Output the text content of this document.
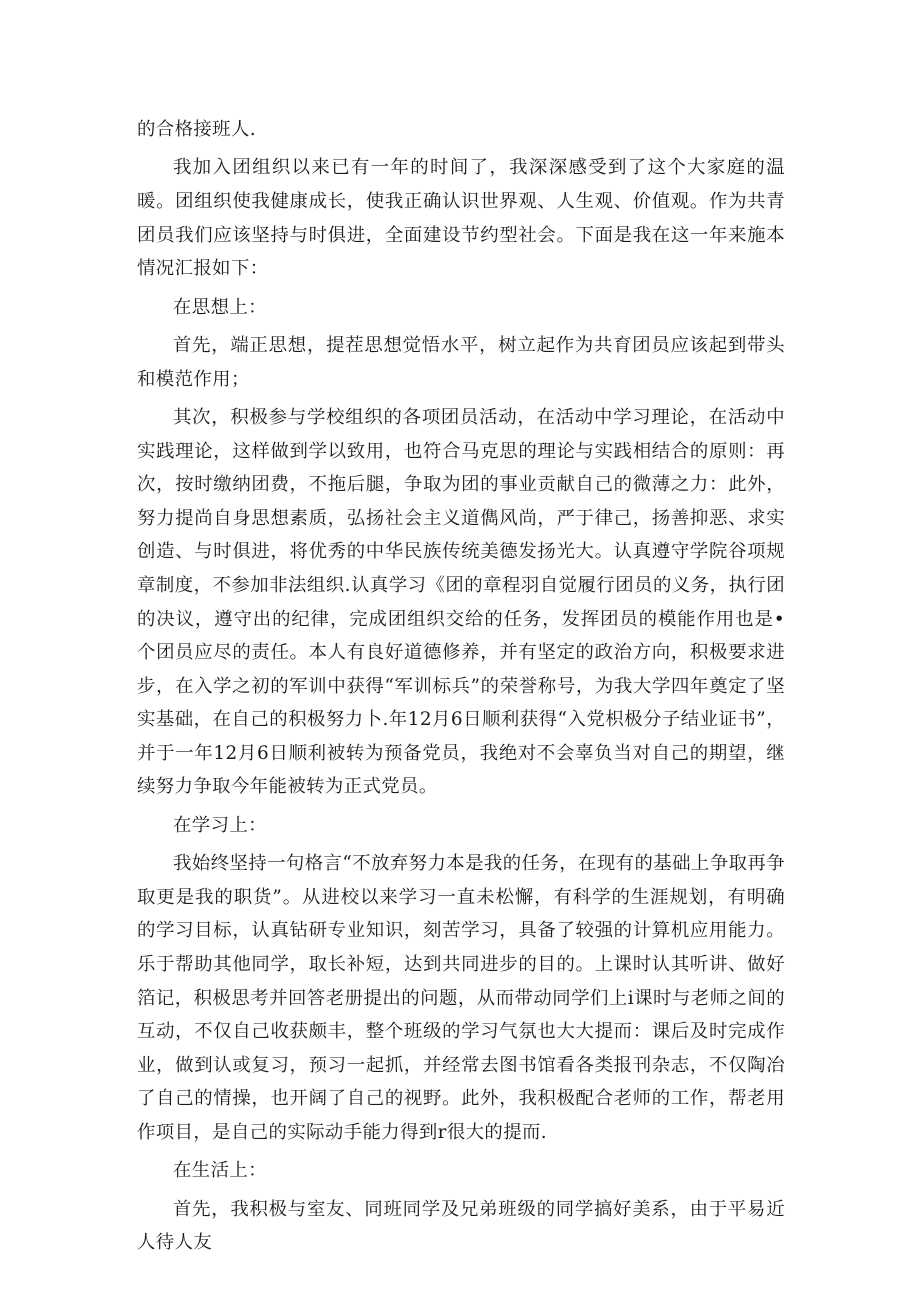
的合格接班人.

我加入团组织以来已有一年的时间了，我深深感受到了这个大家庭的温暖。团组织使我健康成长，使我正确认识世界观、人生观、价值观。作为共青团员我们应该坚持与时俱进，全面建设节约型社会。下面是我在这一年来施本情况汇报如下：

在思想上：

首先，端正思想，提茬思想觉悟水平，树立起作为共育团员应该起到带头和模范作用；

其次，积极参与学校组织的各项团员活动，在活动中学习理论，在活动中实践理论，这样做到学以致用，也符合马克思的理论与实践相结合的原则：再次，按时缴纳团费，不拖后腿，争取为团的事业贡献自己的微薄之力：此外，努力提尚自身思想素质，弘扬社会主义道儁风尚，严于律己，扬善抑恶、求实创造、与时俱进，将优秀的中华民族传统美德发扬光大。认真遵守学院谷项规章制度，不参加非法组织.认真学习《团的章程羽自觉履行团员的义务，执行团的决议，遵守出的纪律，完成团组织交给的任务，发挥团员的模能作用也是•个团员应尽的责任。本人有良好道德修养，并有坚定的政治方向，积极要求进步，在入学之初的军训中获得“军训标兵”的荣誉称号，为我大学四年奠定了坚实基础，在自己的积极努力卜.年12月6日顺利获得“入党枳极分子结业证书”，并于一年12月6日顺利被转为预备党员，我绝对不会辜负当对自己的期望，继续努力争取今年能被转为正式党员。

在学习上：

我始终坚持一句格言“不放弃努力本是我的任务，在现有的基础上争取再争取更是我的职货”。从进校以来学习一直未松懈，有科学的生涯规划，有明确的学习目标，认真钻研专业知识，刻苦学习，具备了较强的计算机应用能力。乐于帮助其他同学，取长补短，达到共同进步的目的。上课时认其听讲、做好箔记，积极思考并回答老册提出的问题，从而带动同学们上i课时与老师之间的互动，不仅自己收获颇丰，整个班级的学习气氛也大大提而：课后及时完成作业，做到认或复习，预习一起抓，并经常去图书馆看各类报刊杂志，不仅陶冶了自己的情操，也开阔了自己的视野。此外，我积极配合老师的工作，帮老用作项目，是自己的实际动手能力得到r很大的提而.

在生活上：

首先，我积极与室友、同班同学及兄弟班级的同学搞好美系，由于平易近人待人友
